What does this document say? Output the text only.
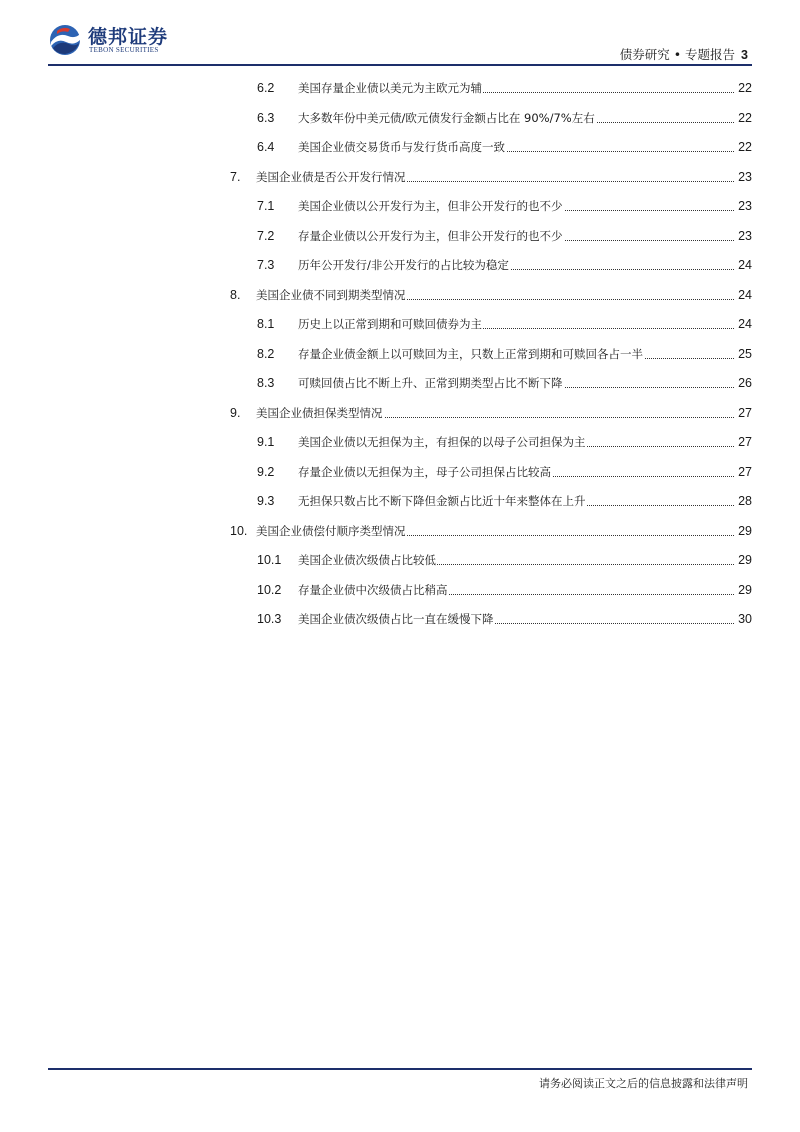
德邦证券
TEBON SECURITIES	债券研究 • 专题报告 3
6.2 美国存量企业债以美元为主欧元为辅	22
6.3 大多数年份中美元债/欧元债发行金额占比在 90%/7%左右	22
6.4 美国企业债交易货币与发行货币高度一致	22
7. 美国企业债是否公开发行情况	23
7.1 美国企业债以公开发行为主，但非公开发行的也不少	23
7.2 存量企业债以公开发行为主，但非公开发行的也不少	23
7.3 历年公开发行/非公开发行的占比较为稳定	24
8. 美国企业债不同到期类型情况	24
8.1 历史上以正常到期和可赎回债券为主	24
8.2 存量企业债金额上以可赎回为主，只数上正常到期和可赎回各占一半	25
8.3 可赎回债占比不断上升、正常到期类型占比不断下降	26
9. 美国企业债担保类型情况	27
9.1 美国企业债以无担保为主，有担保的以母子公司担保为主	27
9.2 存量企业债以无担保为主，母子公司担保占比较高	27
9.3 无担保只数占比不断下降但金额占比近十年来整体在上升	28
10. 美国企业债偿付顺序类型情况	29
10.1 美国企业债次级债占比较低	29
10.2 存量企业债中次级债占比稍高	29
10.3 美国企业债次级债占比一直在缓慢下降	30
请务必阅读正文之后的信息披露和法律声明
